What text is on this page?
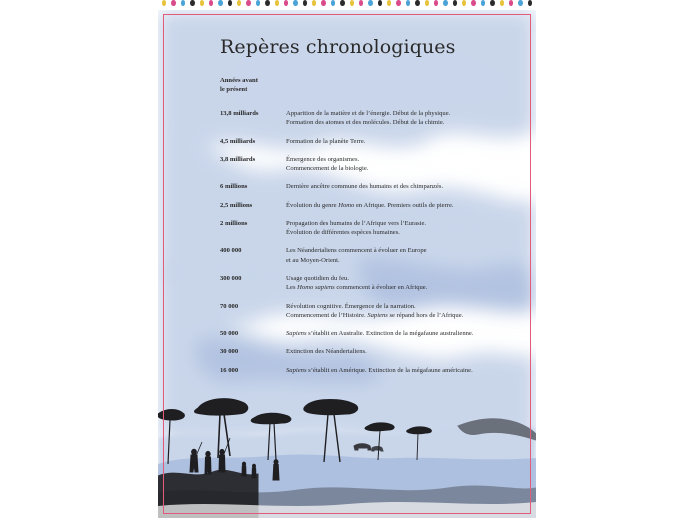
Repères chronologiques
Années avant
le présent
13,8 milliards	Apparition de la matière et de l’énergie. Début de la physique.
Formation des atomes et des molécules. Début de la chimie.
4,5 milliards	Formation de la planète Terre.
3,8 milliards	Émergence des organismes.
Commencement de la biologie.
6 millions	Dernière ancêtre commune des humains et des chimpanzés.
2,5 millions	Évolution du genre Homo en Afrique. Premiers outils de pierre.
2 millions	Propagation des humains de l’Afrique vers l’Eurasie.
Évolution de différentes espèces humaines.
400 000	Les Néandertaliens commencent à évoluer en Europe
et au Moyen-Orient.
300 000	Usage quotidien du feu.
Les Homo sapiens commencent à évoluer en Afrique.
70 000	Révolution cognitive. Émergence de la narration.
Commencement de l’Histoire. Sapiens se répand hors de l’Afrique.
50 000	Sapiens s’établit en Australie. Extinction de la mégafaune australienne.
30 000	Extinction des Néandertaliens.
16 000	Sapiens s’établit en Amérique. Extinction de la mégafaune américaine.
